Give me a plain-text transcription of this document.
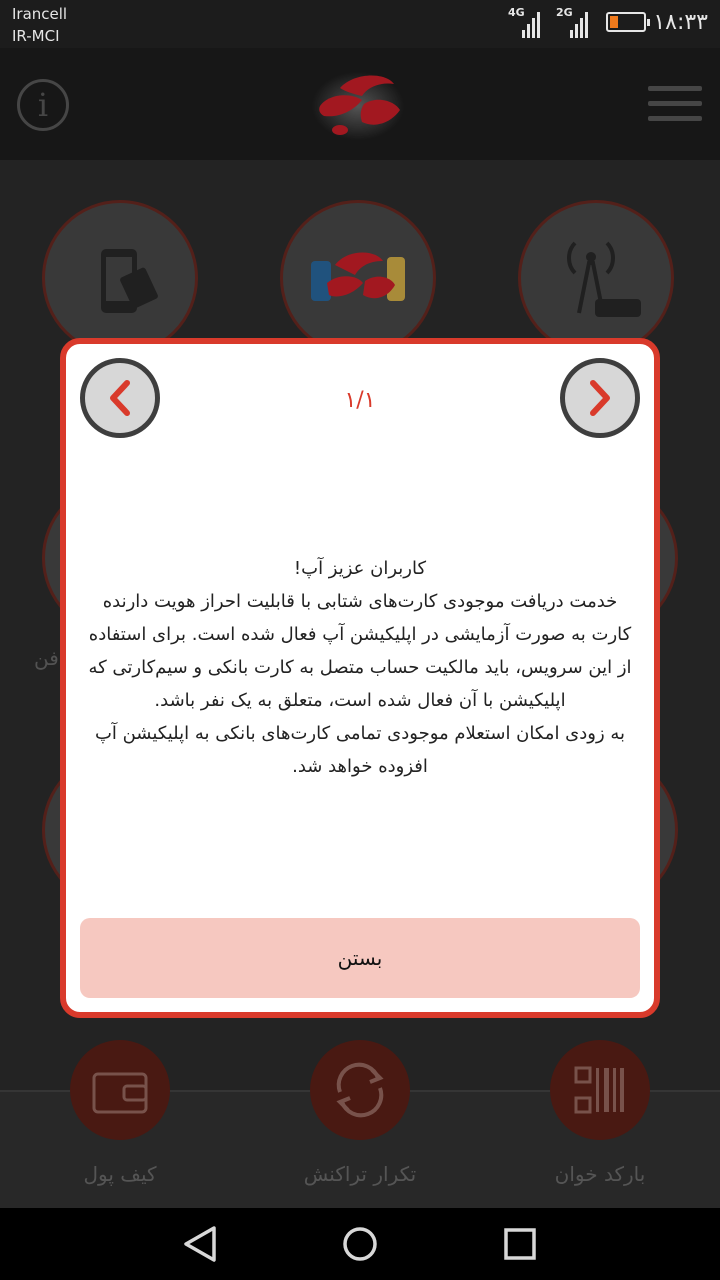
Irancell
IR-MCI
4G	2G	۱۸:۳۳
i
فن
کیف پول	تکرار تراکنش	بارکد خوان
۱/۱

کاربران عزیز آپ!

خدمت دریافت موجودی کارت‌های شتابی با قابلیت احراز هویت دارنده کارت به صورت آزمایشی در اپلیکیشن آپ فعال شده است. برای استفاده از این سرویس، باید مالکیت حساب متصل به کارت بانکی و سیم‌کارتی که اپلیکیشن با آن فعال شده است، متعلق به یک نفر باشد.

به زودی امکان استعلام موجودی تمامی کارت‌های بانکی به اپلیکیشن آپ افزوده خواهد شد.

بستن
